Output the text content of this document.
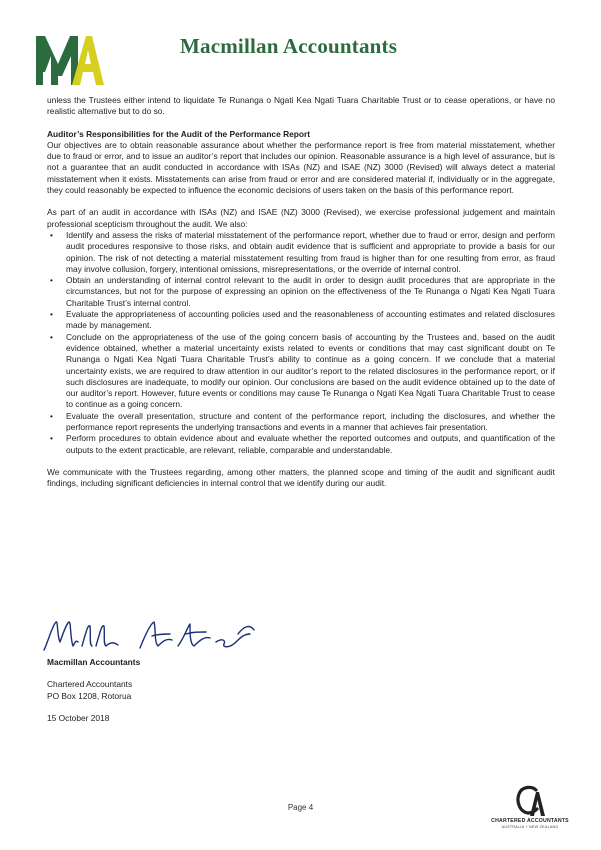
Macmillan Accountants

unless the Trustees either intend to liquidate Te Runanga o Ngati Kea Ngati Tuara Charitable Trust or to cease operations, or have no realistic alternative but to do so.

Auditor’s Responsibilities for the Audit of the Performance Report

Our objectives are to obtain reasonable assurance about whether the performance report is free from material misstatement, whether due to fraud or error, and to issue an auditor’s report that includes our opinion. Reasonable assurance is a high level of assurance, but is not a guarantee that an audit conducted in accordance with ISAs (NZ) and ISAE (NZ) 3000 (Revised) will always detect a material misstatement when it exists. Misstatements can arise from fraud or error and are considered material if, individually or in the aggregate, they could reasonably be expected to influence the economic decisions of users taken on the basis of this performance report.

As part of an audit in accordance with ISAs (NZ) and ISAE (NZ) 3000 (Revised), we exercise professional judgement and maintain professional scepticism throughout the audit. We also:

• Identify and assess the risks of material misstatement of the performance report, whether due to fraud or error, design and perform audit procedures responsive to those risks, and obtain audit evidence that is sufficient and appropriate to provide a basis for our opinion. The risk of not detecting a material misstatement resulting from fraud is higher than for one resulting from error, as fraud may involve collusion, forgery, intentional omissions, misrepresentations, or the override of internal control.
• Obtain an understanding of internal control relevant to the audit in order to design audit procedures that are appropriate in the circumstances, but not for the purpose of expressing an opinion on the effectiveness of the Te Runanga o Ngati Kea Ngati Tuara Charitable Trust’s internal control.
• Evaluate the appropriateness of accounting policies used and the reasonableness of accounting estimates and related disclosures made by management.
• Conclude on the appropriateness of the use of the going concern basis of accounting by the Trustees and, based on the audit evidence obtained, whether a material uncertainty exists related to events or conditions that may cast significant doubt on Te Runanga o Ngati Kea Ngati Tuara Charitable Trust’s ability to continue as a going concern. If we conclude that a material uncertainty exists, we are required to draw attention in our auditor’s report to the related disclosures in the performance report, or if such disclosures are inadequate, to modify our opinion. Our conclusions are based on the audit evidence obtained up to the date of our auditor’s report. However, future events or conditions may cause Te Runanga o Ngati Kea Ngati Tuara Charitable Trust to cease to continue as a going concern.
• Evaluate the overall presentation, structure and content of the performance report, including the disclosures, and whether the performance report represents the underlying transactions and events in a manner that achieves fair presentation.
• Perform procedures to obtain evidence about and evaluate whether the reported outcomes and outputs, and quantification of the outputs to the extent practicable, are relevant, reliable, comparable and understandable.

We communicate with the Trustees regarding, among other matters, the planned scope and timing of the audit and significant audit findings, including significant deficiencies in internal control that we identify during our audit.

Macmillan Accountants
Chartered Accountants
PO Box 1208, Rotorua
15 October 2018
Page 4
CHARTERED ACCOUNTANTS
AUSTRALIA + NEW ZEALAND
